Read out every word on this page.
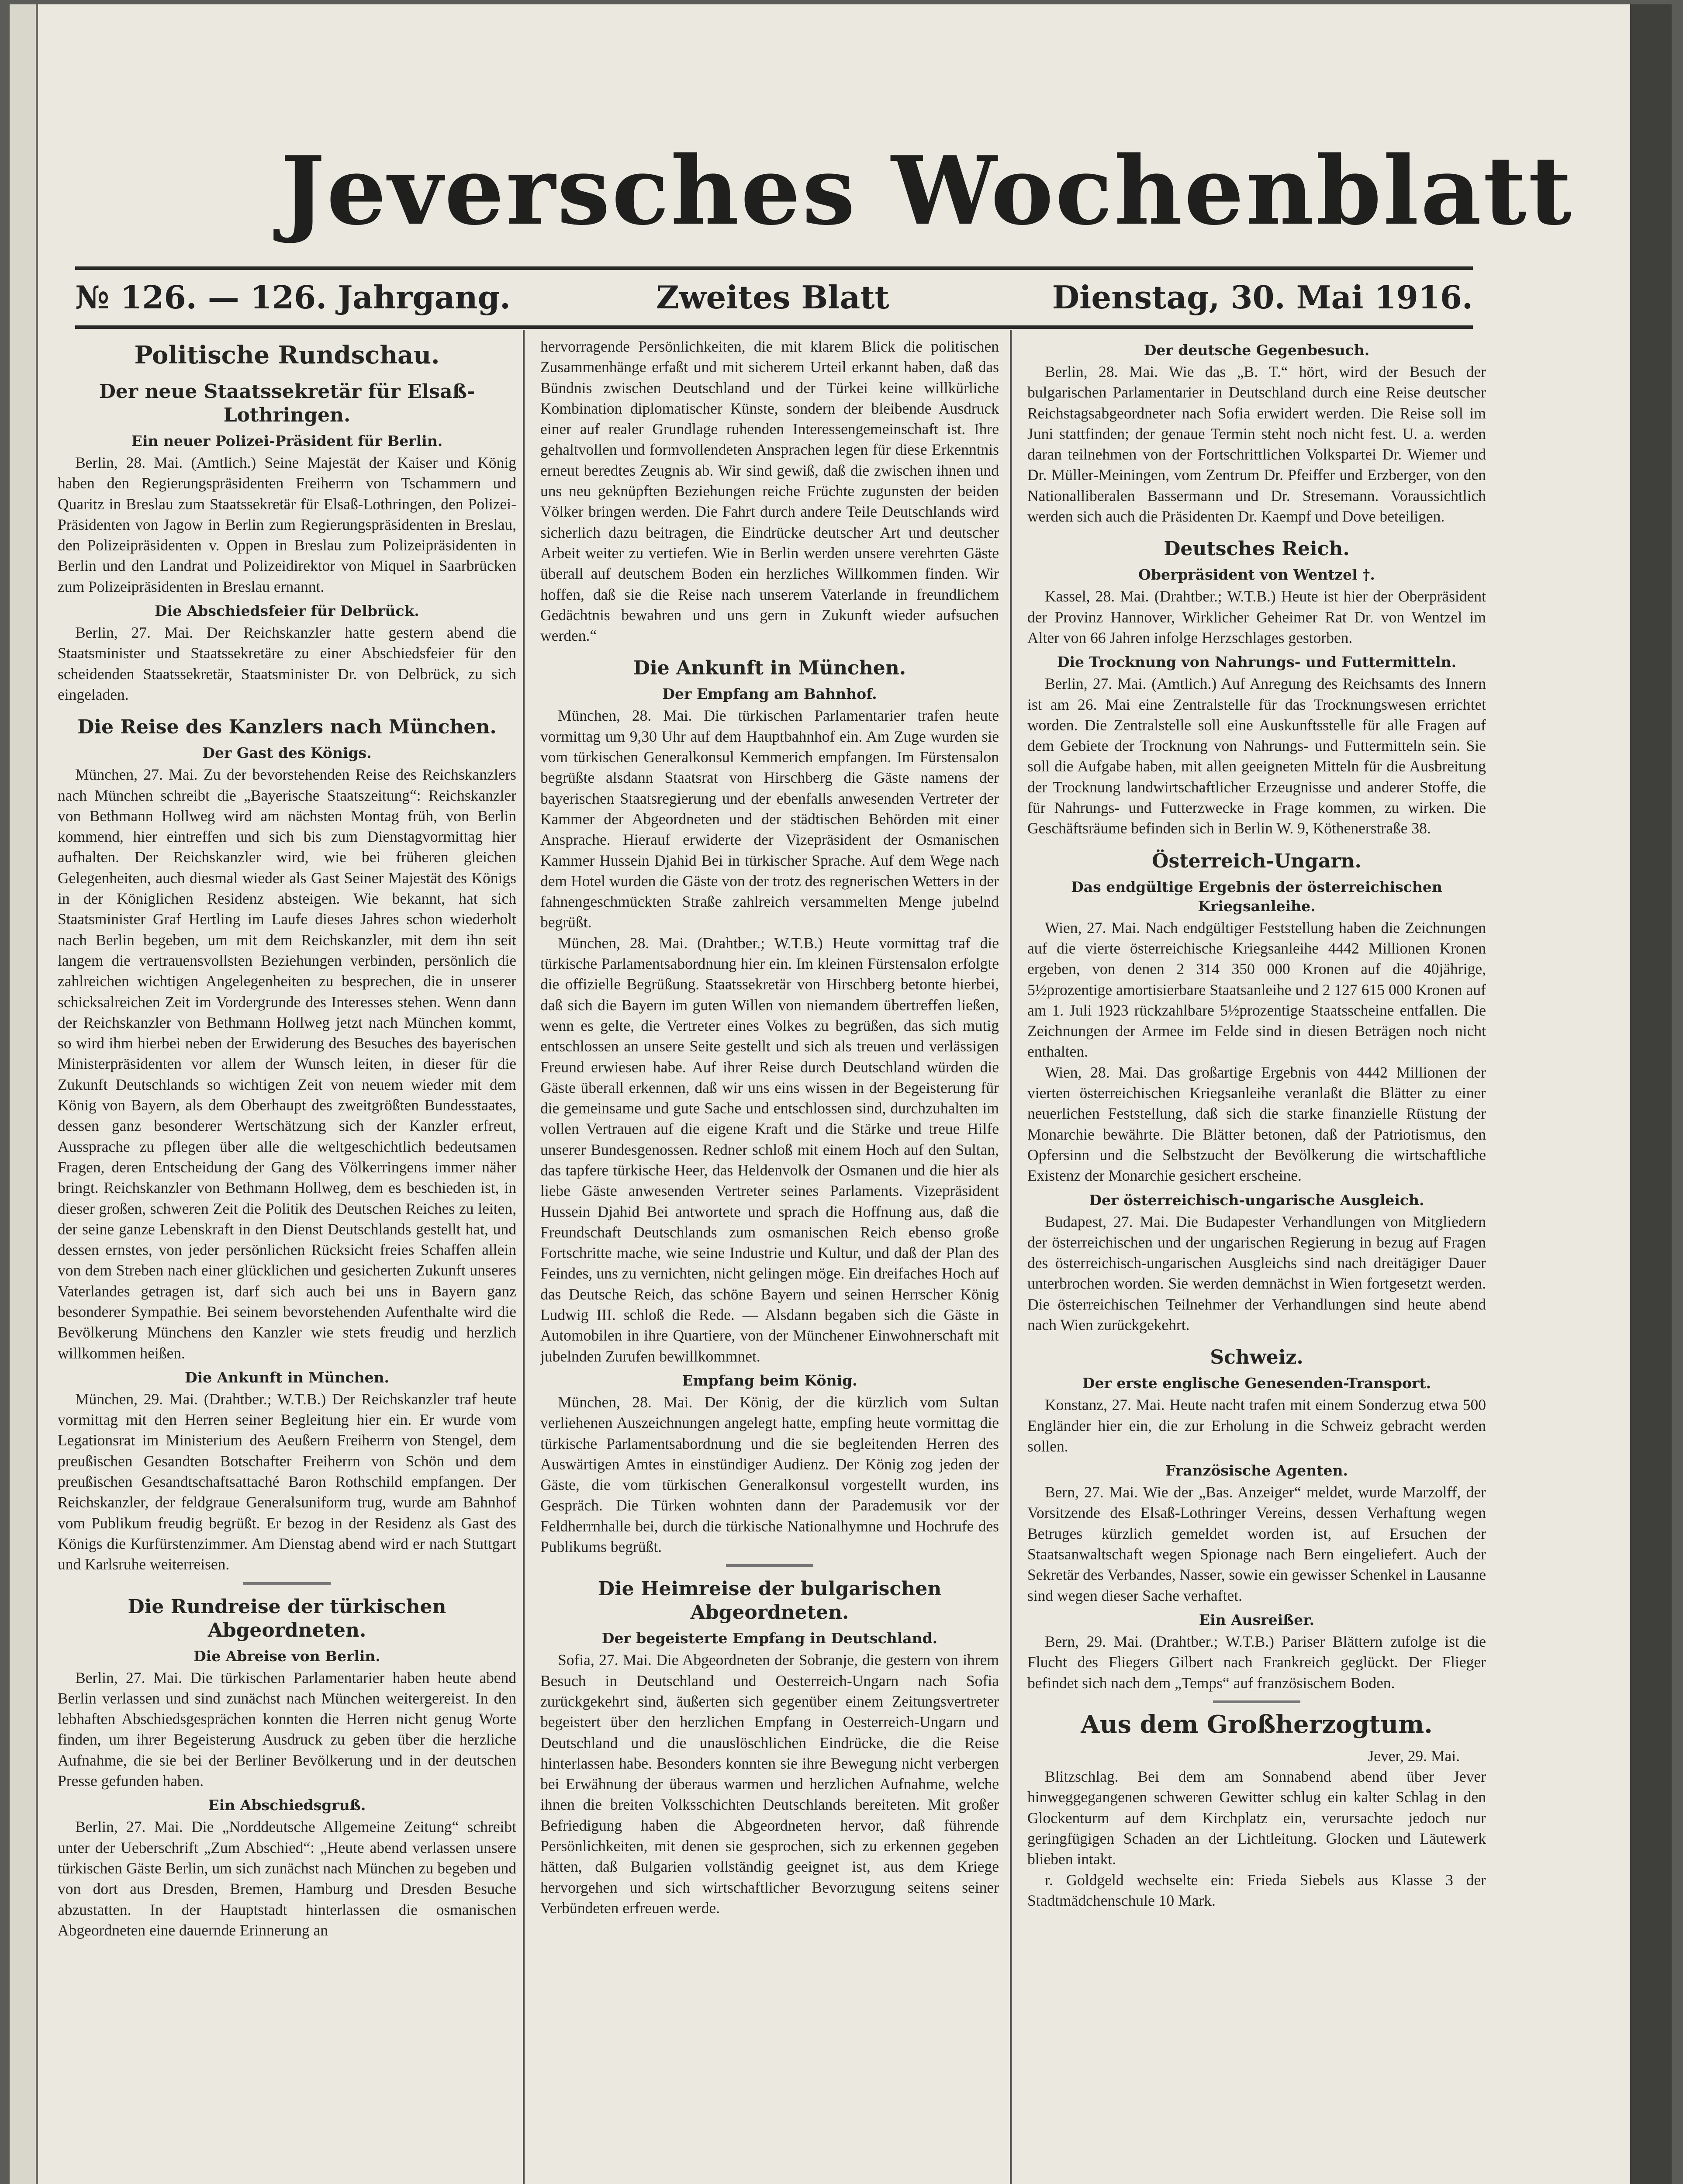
Jeversches Wochenblatt
№ 126. — 126. Jahrgang.	Zweites Blatt	Dienstag, 30. Mai 1916.
Politische Rundschau.
Der neue Staatssekretär für Elsaß-Lothringen.
Ein neuer Polizei-Präsident für Berlin.

Berlin, 28. Mai. (Amtlich.) Seine Majestät der Kaiser und König haben den Regierungspräsidenten Freiherrn von Tschammern und Quaritz in Breslau zum Staatssekretär für Elsaß-Lothringen, den Polizei-Präsidenten von Jagow in Berlin zum Regierungspräsidenten in Breslau, den Polizeipräsidenten v. Oppen in Breslau zum Polizeipräsidenten in Berlin und den Landrat und Polizeidirektor von Miquel in Saarbrücken zum Polizeipräsidenten in Breslau ernannt.

Die Abschiedsfeier für Delbrück.

Berlin, 27. Mai. Der Reichskanzler hatte gestern abend die Staatsminister und Staatssekretäre zu einer Abschiedsfeier für den scheidenden Staatssekretär, Staatsminister Dr. von Delbrück, zu sich eingeladen.

Die Reise des Kanzlers nach München.
Der Gast des Königs.

München, 27. Mai. Zu der bevorstehenden Reise des Reichskanzlers nach München schreibt die „Bayerische Staatszeitung“: Reichskanzler von Bethmann Hollweg wird am nächsten Montag früh, von Berlin kommend, hier eintreffen und sich bis zum Dienstagvormittag hier aufhalten. Der Reichskanzler wird, wie bei früheren gleichen Gelegenheiten, auch diesmal wieder als Gast Seiner Majestät des Königs in der Königlichen Residenz absteigen. Wie bekannt, hat sich Staatsminister Graf Hertling im Laufe dieses Jahres schon wiederholt nach Berlin begeben, um mit dem Reichskanzler, mit dem ihn seit langem die vertrauensvollsten Beziehungen verbinden, persönlich die zahlreichen wichtigen Angelegenheiten zu besprechen, die in unserer schicksalreichen Zeit im Vordergrunde des Interesses stehen. Wenn dann der Reichskanzler von Bethmann Hollweg jetzt nach München kommt, so wird ihm hierbei neben der Erwiderung des Besuches des bayerischen Ministerpräsidenten vor allem der Wunsch leiten, in dieser für die Zukunft Deutschlands so wichtigen Zeit von neuem wieder mit dem König von Bayern, als dem Oberhaupt des zweitgrößten Bundesstaates, dessen ganz besonderer Wertschätzung sich der Kanzler erfreut, Aussprache zu pflegen über alle die weltgeschichtlich bedeutsamen Fragen, deren Entscheidung der Gang des Völkerringens immer näher bringt. Reichskanzler von Bethmann Hollweg, dem es beschieden ist, in dieser großen, schweren Zeit die Politik des Deutschen Reiches zu leiten, der seine ganze Lebenskraft in den Dienst Deutschlands gestellt hat, und dessen ernstes, von jeder persönlichen Rücksicht freies Schaffen allein von dem Streben nach einer glücklichen und gesicherten Zukunft unseres Vaterlandes getragen ist, darf sich auch bei uns in Bayern ganz besonderer Sympathie. Bei seinem bevorstehenden Aufenthalte wird die Bevölkerung Münchens den Kanzler wie stets freudig und herzlich willkommen heißen.

Die Ankunft in München.

München, 29. Mai. (Drahtber.; W.T.B.) Der Reichskanzler traf heute vormittag mit den Herren seiner Begleitung hier ein. Er wurde vom Legationsrat im Ministerium des Aeußern Freiherrn von Stengel, dem preußischen Gesandten Botschafter Freiherrn von Schön und dem preußischen Gesandtschaftsattaché Baron Rothschild empfangen. Der Reichskanzler, der feldgraue Generalsuniform trug, wurde am Bahnhof vom Publikum freudig begrüßt. Er bezog in der Residenz als Gast des Königs die Kurfürstenzimmer. Am Dienstag abend wird er nach Stuttgart und Karlsruhe weiterreisen.

Die Rundreise der türkischen Abgeordneten.
Die Abreise von Berlin.

Berlin, 27. Mai. Die türkischen Parlamentarier haben heute abend Berlin verlassen und sind zunächst nach München weitergereist. In den lebhaften Abschiedsgesprächen konnten die Herren nicht genug Worte finden, um ihrer Begeisterung Ausdruck zu geben über die herzliche Aufnahme, die sie bei der Berliner Bevölkerung und in der deutschen Presse gefunden haben.

Ein Abschiedsgruß.

Berlin, 27. Mai. Die „Norddeutsche Allgemeine Zeitung“ schreibt unter der Ueberschrift „Zum Abschied“: „Heute abend verlassen unsere türkischen Gäste Berlin, um sich zunächst nach München zu begeben und von dort aus Dresden, Bremen, Hamburg und Dresden Besuche abzustatten. In der Hauptstadt hinterlassen die osmanischen Abgeordneten eine dauernde Erinnerung an

hervorragende Persönlichkeiten, die mit klarem Blick die politischen Zusammenhänge erfaßt und mit sicherem Urteil erkannt haben, daß das Bündnis zwischen Deutschland und der Türkei keine willkürliche Kombination diplomatischer Künste, sondern der bleibende Ausdruck einer auf realer Grundlage ruhenden Interessengemeinschaft ist. Ihre gehaltvollen und formvollendeten Ansprachen legen für diese Erkenntnis erneut beredtes Zeugnis ab. Wir sind gewiß, daß die zwischen ihnen und uns neu geknüpften Beziehungen reiche Früchte zugunsten der beiden Völker bringen werden. Die Fahrt durch andere Teile Deutschlands wird sicherlich dazu beitragen, die Eindrücke deutscher Art und deutscher Arbeit weiter zu vertiefen. Wie in Berlin werden unsere verehrten Gäste überall auf deutschem Boden ein herzliches Willkommen finden. Wir hoffen, daß sie die Reise nach unserem Vaterlande in freundlichem Gedächtnis bewahren und uns gern in Zukunft wieder aufsuchen werden.“

Die Ankunft in München.
Der Empfang am Bahnhof.

München, 28. Mai. Die türkischen Parlamentarier trafen heute vormittag um 9,30 Uhr auf dem Hauptbahnhof ein. Am Zuge wurden sie vom türkischen Generalkonsul Kemmerich empfangen. Im Fürstensalon begrüßte alsdann Staatsrat von Hirschberg die Gäste namens der bayerischen Staatsregierung und der ebenfalls anwesenden Vertreter der Kammer der Abgeordneten und der städtischen Behörden mit einer Ansprache. Hierauf erwiderte der Vizepräsident der Osmanischen Kammer Hussein Djahid Bei in türkischer Sprache. Auf dem Wege nach dem Hotel wurden die Gäste von der trotz des regnerischen Wetters in der fahnengeschmückten Straße zahlreich versammelten Menge jubelnd begrüßt.

München, 28. Mai. (Drahtber.; W.T.B.) Heute vormittag traf die türkische Parlamentsabordnung hier ein. Im kleinen Fürstensalon erfolgte die offizielle Begrüßung. Staatssekretär von Hirschberg betonte hierbei, daß sich die Bayern im guten Willen von niemandem übertreffen ließen, wenn es gelte, die Vertreter eines Volkes zu begrüßen, das sich mutig entschlossen an unsere Seite gestellt und sich als treuen und verlässigen Freund erwiesen habe. Auf ihrer Reise durch Deutschland würden die Gäste überall erkennen, daß wir uns eins wissen in der Begeisterung für die gemeinsame und gute Sache und entschlossen sind, durchzuhalten im vollen Vertrauen auf die eigene Kraft und die Stärke und treue Hilfe unserer Bundesgenossen. Redner schloß mit einem Hoch auf den Sultan, das tapfere türkische Heer, das Heldenvolk der Osmanen und die hier als liebe Gäste anwesenden Vertreter seines Parlaments. Vizepräsident Hussein Djahid Bei antwortete und sprach die Hoffnung aus, daß die Freundschaft Deutschlands zum osmanischen Reich ebenso große Fortschritte mache, wie seine Industrie und Kultur, und daß der Plan des Feindes, uns zu vernichten, nicht gelingen möge. Ein dreifaches Hoch auf das Deutsche Reich, das schöne Bayern und seinen Herrscher König Ludwig III. schloß die Rede. — Alsdann begaben sich die Gäste in Automobilen in ihre Quartiere, von der Münchener Einwohnerschaft mit jubelnden Zurufen bewillkommnet.

Empfang beim König.

München, 28. Mai. Der König, der die kürzlich vom Sultan verliehenen Auszeichnungen angelegt hatte, empfing heute vormittag die türkische Parlamentsabordnung und die sie begleitenden Herren des Auswärtigen Amtes in einstündiger Audienz. Der König zog jeden der Gäste, die vom türkischen Generalkonsul vorgestellt wurden, ins Gespräch. Die Türken wohnten dann der Parademusik vor der Feldherrnhalle bei, durch die türkische Nationalhymne und Hochrufe des Publikums begrüßt.

Die Heimreise der bulgarischen Abgeordneten.
Der begeisterte Empfang in Deutschland.

Sofia, 27. Mai. Die Abgeordneten der Sobranje, die gestern von ihrem Besuch in Deutschland und Oesterreich-Ungarn nach Sofia zurückgekehrt sind, äußerten sich gegenüber einem Zeitungsvertreter begeistert über den herzlichen Empfang in Oesterreich-Ungarn und Deutschland und die unauslöschlichen Eindrücke, die die Reise hinterlassen habe. Besonders konnten sie ihre Bewegung nicht verbergen bei Erwähnung der überaus warmen und herzlichen Aufnahme, welche ihnen die breiten Volksschichten Deutschlands bereiteten. Mit großer Befriedigung haben die Abgeordneten hervor, daß führende Persönlichkeiten, mit denen sie gesprochen, sich zu erkennen gegeben hätten, daß Bulgarien vollständig geeignet ist, aus dem Kriege hervorgehen und sich wirtschaftlicher Bevorzugung seitens seiner Verbündeten erfreuen werde.

Der deutsche Gegenbesuch.

Berlin, 28. Mai. Wie das „B. T.“ hört, wird der Besuch der bulgarischen Parlamentarier in Deutschland durch eine Reise deutscher Reichstagsabgeordneter nach Sofia erwidert werden. Die Reise soll im Juni stattfinden; der genaue Termin steht noch nicht fest. U. a. werden daran teilnehmen von der Fortschrittlichen Volkspartei Dr. Wiemer und Dr. Müller-Meiningen, vom Zentrum Dr. Pfeiffer und Erzberger, von den Nationalliberalen Bassermann und Dr. Stresemann. Voraussichtlich werden sich auch die Präsidenten Dr. Kaempf und Dove beteiligen.

Deutsches Reich.
Oberpräsident von Wentzel †.

Kassel, 28. Mai. (Drahtber.; W.T.B.) Heute ist hier der Oberpräsident der Provinz Hannover, Wirklicher Geheimer Rat Dr. von Wentzel im Alter von 66 Jahren infolge Herzschlages gestorben.

Die Trocknung von Nahrungs- und Futtermitteln.

Berlin, 27. Mai. (Amtlich.) Auf Anregung des Reichsamts des Innern ist am 26. Mai eine Zentralstelle für das Trocknungswesen errichtet worden. Die Zentralstelle soll eine Auskunftsstelle für alle Fragen auf dem Gebiete der Trocknung von Nahrungs- und Futtermitteln sein. Sie soll die Aufgabe haben, mit allen geeigneten Mitteln für die Ausbreitung der Trocknung landwirtschaftlicher Erzeugnisse und anderer Stoffe, die für Nahrungs- und Futterzwecke in Frage kommen, zu wirken. Die Geschäftsräume befinden sich in Berlin W. 9, Köthenerstraße 38.

Österreich-Ungarn.
Das endgültige Ergebnis der österreichischen Kriegsanleihe.

Wien, 27. Mai. Nach endgültiger Feststellung haben die Zeichnungen auf die vierte österreichische Kriegsanleihe 4442 Millionen Kronen ergeben, von denen 2 314 350 000 Kronen auf die 40jährige, 5½prozentige amortisierbare Staatsanleihe und 2 127 615 000 Kronen auf am 1. Juli 1923 rückzahlbare 5½prozentige Staatsscheine entfallen. Die Zeichnungen der Armee im Felde sind in diesen Beträgen noch nicht enthalten.

Wien, 28. Mai. Das großartige Ergebnis von 4442 Millionen der vierten österreichischen Kriegsanleihe veranlaßt die Blätter zu einer neuerlichen Feststellung, daß sich die starke finanzielle Rüstung der Monarchie bewährte. Die Blätter betonen, daß der Patriotismus, den Opfersinn und die Selbstzucht der Bevölkerung die wirtschaftliche Existenz der Monarchie gesichert erscheine.

Der österreichisch-ungarische Ausgleich.

Budapest, 27. Mai. Die Budapester Verhandlungen von Mitgliedern der österreichischen und der ungarischen Regierung in bezug auf Fragen des österreichisch-ungarischen Ausgleichs sind nach dreitägiger Dauer unterbrochen worden. Sie werden demnächst in Wien fortgesetzt werden. Die österreichischen Teilnehmer der Verhandlungen sind heute abend nach Wien zurückgekehrt.

Schweiz.
Der erste englische Genesenden-Transport.

Konstanz, 27. Mai. Heute nacht trafen mit einem Sonderzug etwa 500 Engländer hier ein, die zur Erholung in die Schweiz gebracht werden sollen.

Französische Agenten.

Bern, 27. Mai. Wie der „Bas. Anzeiger“ meldet, wurde Marzolff, der Vorsitzende des Elsaß-Lothringer Vereins, dessen Verhaftung wegen Betruges kürzlich gemeldet worden ist, auf Ersuchen der Staatsanwaltschaft wegen Spionage nach Bern eingeliefert. Auch der Sekretär des Verbandes, Nasser, sowie ein gewisser Schenkel in Lausanne sind wegen dieser Sache verhaftet.

Ein Ausreißer.

Bern, 29. Mai. (Drahtber.; W.T.B.) Pariser Blättern zufolge ist die Flucht des Fliegers Gilbert nach Frankreich geglückt. Der Flieger befindet sich nach dem „Temps“ auf französischem Boden.

Aus dem Großherzogtum.
Jever, 29. Mai.

Blitzschlag. Bei dem am Sonnabend abend über Jever hinweggegangenen schweren Gewitter schlug ein kalter Schlag in den Glockenturm auf dem Kirchplatz ein, verursachte jedoch nur geringfügigen Schaden an der Lichtleitung. Glocken und Läutewerk blieben intakt.

r. Goldgeld wechselte ein: Frieda Siebels aus Klasse 3 der Stadtmädchenschule 10 Mark.
